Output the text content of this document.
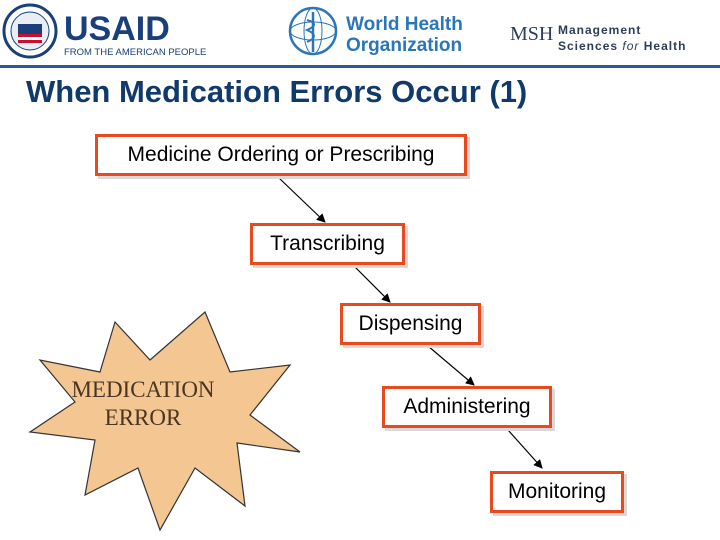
USAID
FROM THE AMERICAN PEOPLE
World Health
Organization
MSH Management
Sciences for Health
When Medication Errors Occur (1)
MEDICATION
ERROR
Medicine Ordering or Prescribing
Transcribing
Dispensing
Administering
Monitoring
